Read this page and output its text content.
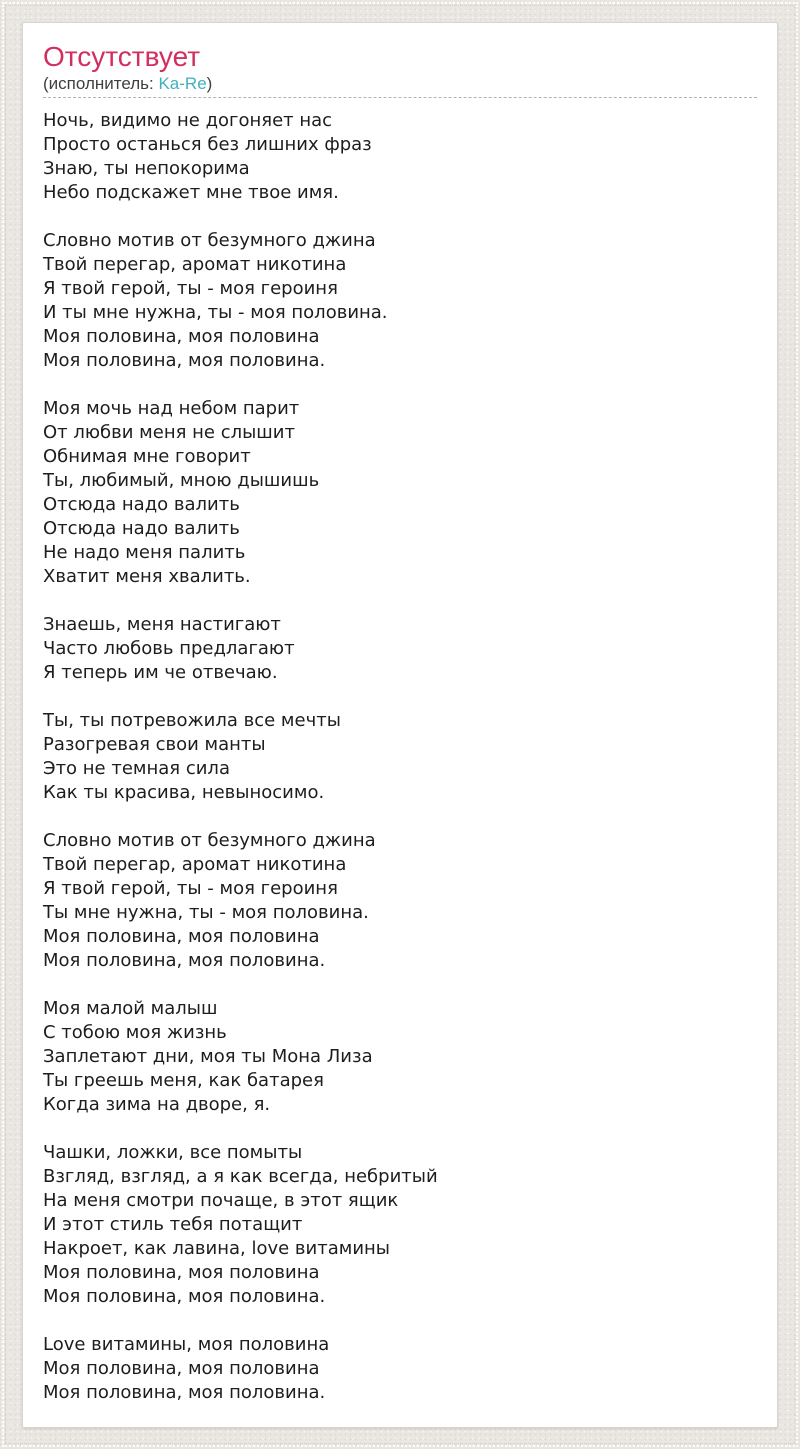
Отсутствует
(исполнитель: Ka-Re)

Ночь, видимо не догоняет нас
Просто останься без лишних фраз
Знаю, ты непокорима
Небо подскажет мне твое имя.

Словно мотив от безумного джина
Твой перегар, аромат никотина
Я твой герой, ты - моя героиня
И ты мне нужна, ты - моя половина.
Моя половина, моя половина
Моя половина, моя половина.

Моя мочь над небом парит
От любви меня не слышит
Обнимая мне говорит
Ты, любимый, мною дышишь
Отсюда надо валить
Отсюда надо валить
Не надо меня палить
Хватит меня хвалить.

Знаешь, меня настигают
Часто любовь предлагают
Я теперь им че отвечаю.

Ты, ты потревожила все мечты
Разогревая свои манты
Это не темная сила
Как ты красива, невыносимо.

Словно мотив от безумного джина
Твой перегар, аромат никотина
Я твой герой, ты - моя героиня
Ты мне нужна, ты - моя половина.
Моя половина, моя половина
Моя половина, моя половина.

Моя малой малыш
С тобою моя жизнь
Заплетают дни, моя ты Мона Лиза
Ты греешь меня, как батарея
Когда зима на дворе, я.

Чашки, ложки, все помыты
Взгляд, взгляд, а я как всегда, небритый
На меня смотри почаще, в этот ящик
И этот стиль тебя потащит
Накроет, как лавина, love витамины
Моя половина, моя половина
Моя половина, моя половина.

Love витамины, моя половина
Моя половина, моя половина
Моя половина, моя половина.
